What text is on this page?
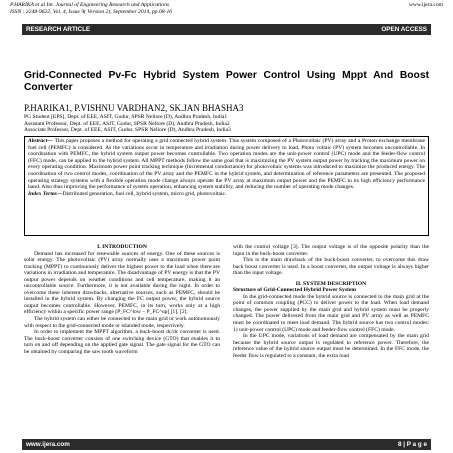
P.HARIKA et al Int. Journal of Engineering Research and Applications
ISSN : 2248-9622, Vol. 4, Issue 9( Version 2), September 2014, pp.08-16
www.ijera.com
RESEARCH ARTICLE	OPEN ACCESS
Grid-Connected Pv-Fc Hybrid System Power Control Using Mppt And Boost Converter
P.HARIKA1, P.VISHNU VARDHAN2, SK.JAN BHASHA3
PG Student [EPS], Dept. of EEE, ASIT, Gudur, SPSR Nellore (D), Andhra Pradesh, India1
Assistant Professor, Dept. of EEE, ASIT, Gudur, SPSR Nellore (D), Andhra Pradesh, India2
Associate Professor, Dept. of EEE, ASIT, Gudur, SPSR Nellore (D), Andhra Pradesh, India3
Abstract— This paper proposes a method for operating a grid connected hybrid system. This system composed of a Photovoltaic (PV) array and a Proton exchange membrane fuel cell (PEMFC) is considered. As the variations occur in temperature and irradiation during power delivery to load, Photo voltaic (PV) system becomes uncontrollable. In coordination with PEMFC, the hybrid system output power becomes controllable. Two operation modes are the unit-power control (UPC) mode and the feeder-flow control (FFC) mode, can be applied to the hybrid system. All MPPT methods follow the same goal that is maximizing the PV system output power by tracking the maximum power on every operating condition. Maximum power point tracking technique (Incremental conductance) for photovoltaic systems was introduced to maximize the produced energy. The coordination of two control modes, coordination of the PV array and the PEMFC in the hybrid system, and determination of reference parameters are presented. The proposed operating strategy systems with a flexible operation mode change always operate the PV array at maximum output power and the PEMFC in its high efficiency performance band. Also thus improving the performance of system operation, enhancing system stability, and reducing the number of operating mode changes.
Index Terms—Distributed generation, fuel cell, hybrid system, micro grid, photovoltaic.

I. INTRODUCTION

Demand has increased for renewable sources of energy. One of these sources is solar energy. The photovoltaic (PV) array normally uses a maximum power point tracking (MPPT) to continuously deliver the highest power to the load when there are variations in irradiation and temperature. The disadvantage of PV energy is that the PV output power depends on weather conditions and cell temperature, making it an uncontrollable source. Furthermore, it is not available during the night. In order to overcome these inherent drawbacks, alternative sources, such as PEMFC, should be installed in the hybrid system. By changing the FC output power, the hybrid source output becomes controllable. However, PEMFC, in its turn, works only at a high efficiency within a specific power range [P_FC^low – P_FC^up] [1], [2].

The hybrid system can either be connected to the main grid or work autonomously with respect to the grid-connected mode or islanded mode, respectively.

In order to implement the MPPT algorithm, a buck-boost dc/dc converter is used. The buck-boost converter consists of one switching device (GTO) that enables it to turn on and off depending on the applied gate signal. The gate signal for the GTO can be obtained by comparing the saw tooth waveform

with the control voltage [3]. The output voltage is of the opposite polarity than the input in the buck-boost converter.

This is the main drawback of the buck-boost converter, to overcome this draw back boost converter is used. In a boost converter, the output voltage is always higher than the input voltage.

II. SYSTEM DESCRIPTION

Structure of Grid-Connected Hybrid Power System

In the grid-connected mode the hybrid source is connected to the main grid at the point of common coupling (PCC) to deliver power to the load. When load demand changes, the power supplied by the main grid and hybrid system must be properly changed. The power delivered from the main grid and PV array as well as PEMFC must be coordinated to meet load demand. The hybrid source has two control modes: 1) unit-power control (UPC) mode and feeder-flow control (FFC) mode.

In the UPC mode, variations of load demand are compensated by the main grid because the hybrid source output is regulated to reference power. Therefore, the reference value of the hybrid source output must be determined. In the FFC mode, the feeder flow is regulated to a constant, the extra load

www.ijera.com	8 | P a g e
